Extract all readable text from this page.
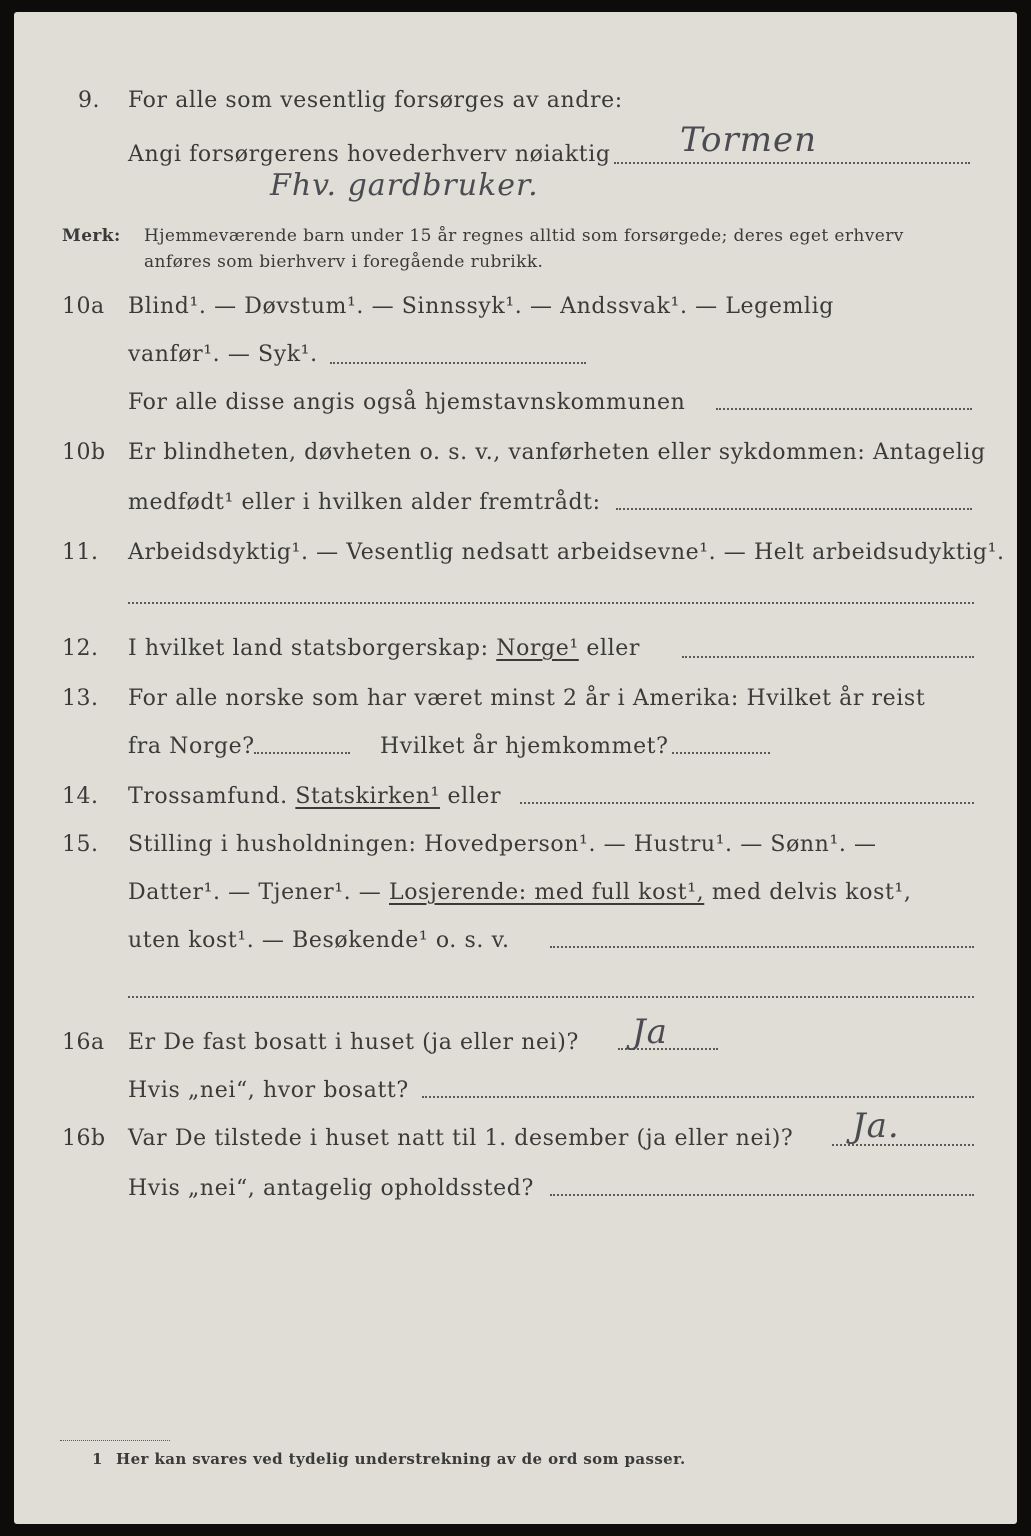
9. For alle som vesentlig forsørges av andre:
Angi forsørgerens hovederhverv nøiaktig Tormen
Fhv. gardbruker.
Merk: Hjemmeværende barn under 15 år regnes alltid som forsørgede; deres eget erhverv
anføres som bierhverv i foregående rubrikk.
10a Blind¹. — Døvstum¹. — Sinnssyk¹. — Andssvak¹. — Legemlig
vanfør¹. — Syk¹.
For alle disse angis også hjemstavnskommunen
10b Er blindheten, døvheten o. s. v., vanførheten eller sykdommen: Antagelig
medfødt¹ eller i hvilken alder fremtrådt:
11. Arbeidsdyktig¹. — Vesentlig nedsatt arbeidsevne¹. — Helt arbeidsudyktig¹.
12. I hvilket land statsborgerskap: Norge¹ eller
13. For alle norske som har været minst 2 år i Amerika: Hvilket år reist
fra Norge?	Hvilket år hjemkommet?
14. Trossamfund. Statskirken¹ eller
15. Stilling i husholdningen: Hovedperson¹. — Hustru¹. — Sønn¹. —
Datter¹. — Tjener¹. — Losjerende: med full kost¹, med delvis kost¹,
uten kost¹. — Besøkende¹ o. s. v.
16a Er De fast bosatt i huset (ja eller nei)? Ja
Hvis „nei“, hvor bosatt?
16b Var De tilstede i huset natt til 1. desember (ja eller nei)? Ja.
Hvis „nei“, antagelig opholdssted?
1 Her kan svares ved tydelig understrekning av de ord som passer.
